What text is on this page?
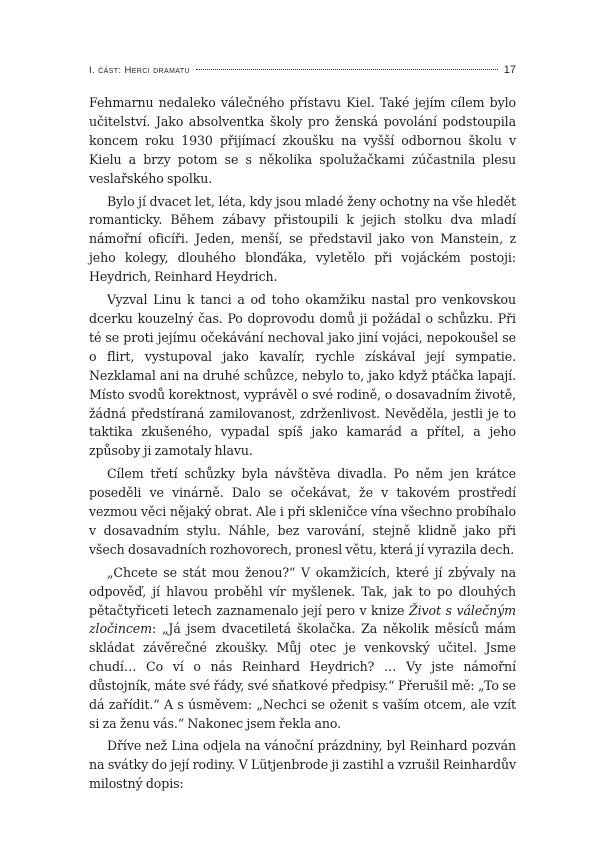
I. část: Herci dramatu	17

Fehmarnu nedaleko válečného přístavu Kiel. Také jejím cílem bylo učitelství. Jako absolventka školy pro ženská povolání podstoupila koncem roku 1930 přijímací zkoušku na vyšší odbornou školu v Kielu a brzy potom se s několika spolužačkami zúčastnila plesu veslařského spolku.

Bylo jí dvacet let, léta, kdy jsou mladé ženy ochotny na vše hledět romanticky. Během zábavy přistoupili k jejich stolku dva mladí námořní oficíři. Jeden, menší, se představil jako von Manstein, z jeho kolegy, dlouhého blonďáka, vyletělo při vojáckém postoji: Heydrich, Reinhard Heydrich.

Vyzval Linu k tanci a od toho okamžiku nastal pro venkovskou dcerku kouzelný čas. Po doprovodu domů ji požádal o schůzku. Při té se proti jejímu očekávání nechoval jako jiní vojáci, nepokoušel se o flirt, vystupoval jako kavalír, rychle získával její sympatie. Nezklamal ani na druhé schůzce, nebylo to, jako když ptáčka lapají. Místo svodů korektnost, vyprávěl o své rodině, o dosavadním životě, žádná předstíraná zamilovanost, zdrženlivost. Nevěděla, jestli je to taktika zkušeného, vypadal spíš jako kamarád a přítel, a jeho způsoby ji zamotaly hlavu.

Cílem třetí schůzky byla návštěva divadla. Po něm jen krátce poseděli ve vinárně. Dalo se očekávat, že v takovém prostředí vezmou věci nějaký obrat. Ale i při skleničce vína všechno probíhalo v dosavadním stylu. Náhle, bez varování, stejně klidně jako při všech dosavadních rozhovorech, pronesl větu, která jí vyrazila dech.

„Chcete se stát mou ženou?“ V okamžicích, které jí zbývaly na odpověď, jí hlavou proběhl vír myšlenek. Tak, jak to po dlouhých pětačtyřiceti letech zaznamenalo její pero v knize Život s válečným zločincem: „Já jsem dvacetiletá školačka. Za několik měsíců mám skládat závěrečné zkoušky. Můj otec je venkovský učitel. Jsme chudí… Co ví o nás Reinhard Heydrich? … Vy jste námořní důstojník, máte své řády, své sňatkové předpisy.“ Přerušil mě: „To se dá zařídit.“ A s úsměvem: „Nechci se oženit s vaším otcem, ale vzít si za ženu vás.“ Nakonec jsem řekla ano.

Dříve než Lina odjela na vánoční prázdniny, byl Reinhard pozván na svátky do její rodiny. V Lütjenbrode ji zastihl a vzrušil Reinhardův milostný dopis:
